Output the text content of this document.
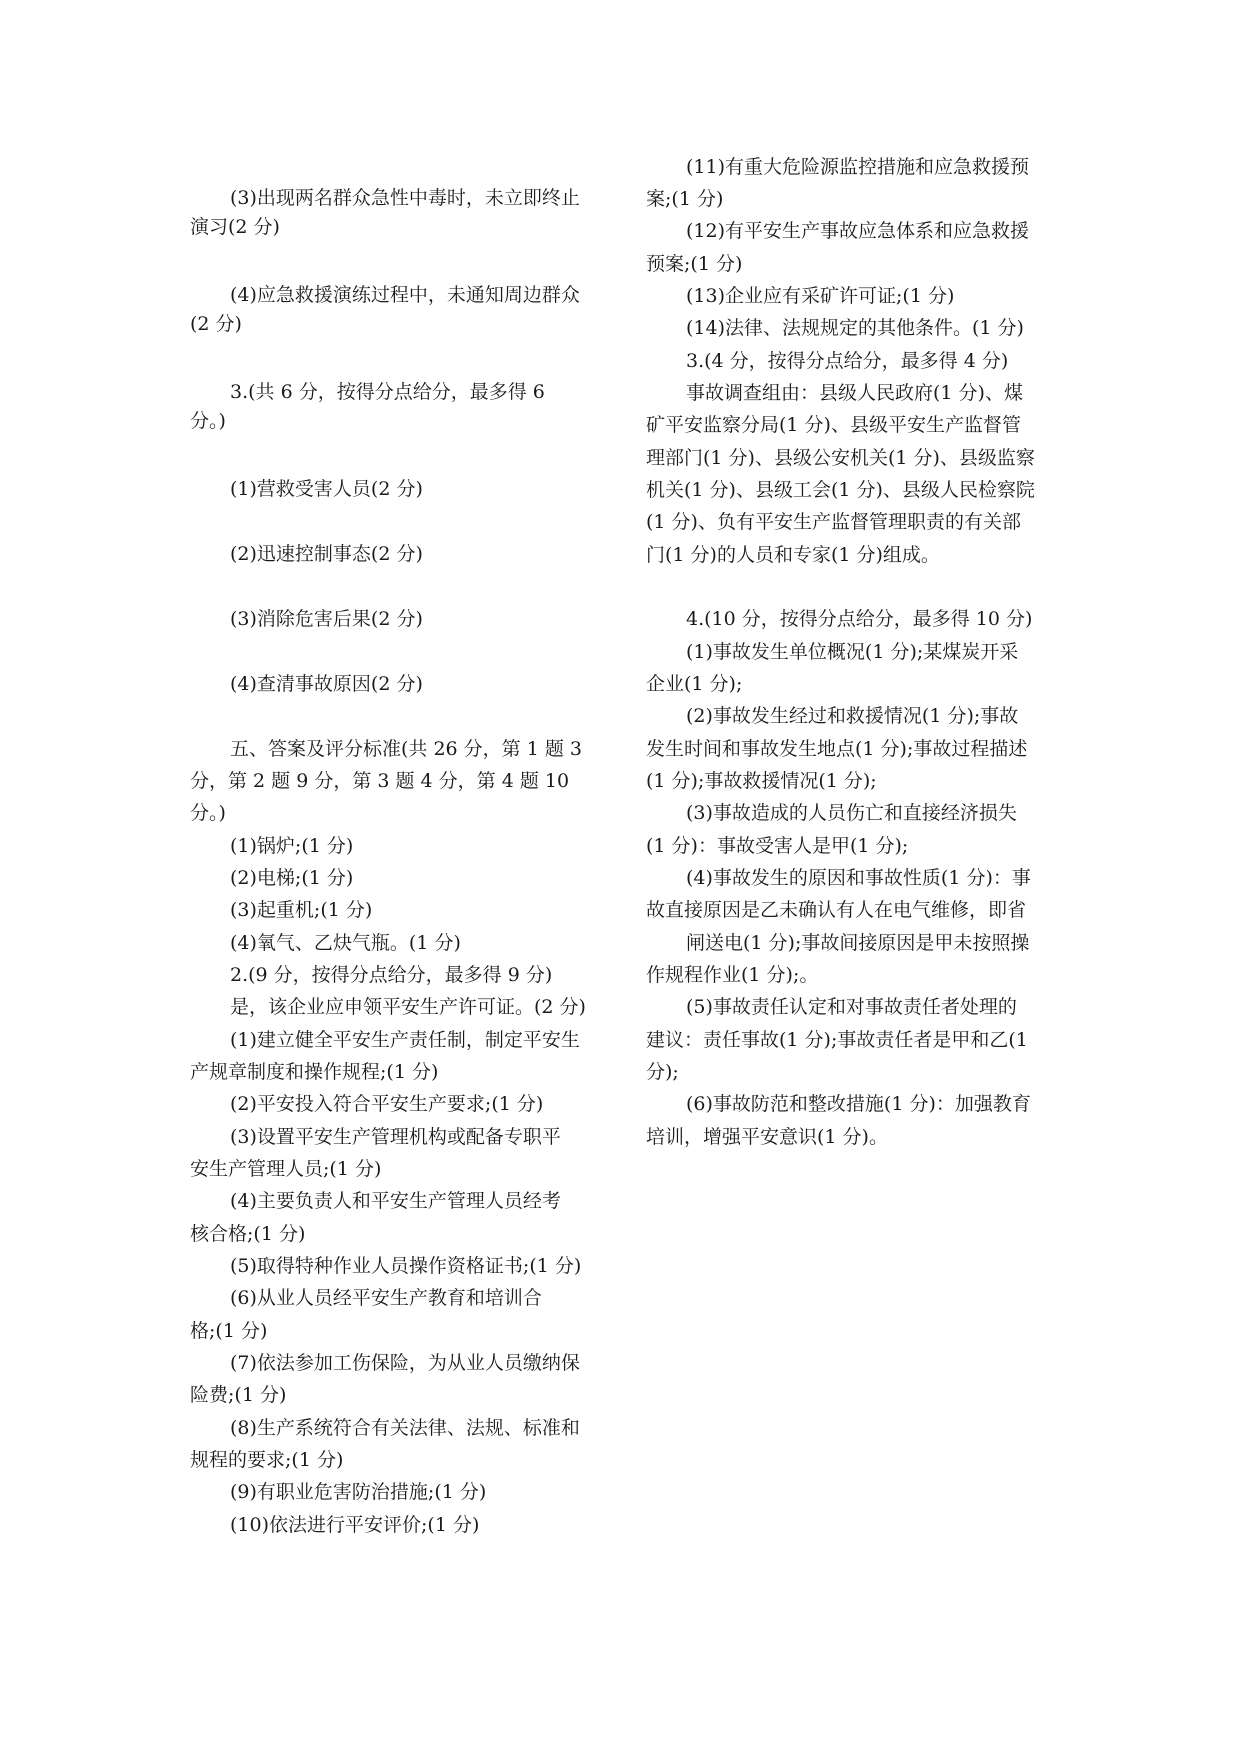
(3)出现两名群众急性中毒时，未立即终止
演习(2 分)
(4)应急救援演练过程中，未通知周边群众
(2 分)
3.(共 6 分，按得分点给分，最多得 6
分。)
(1)营救受害人员(2 分)
(2)迅速控制事态(2 分)
(3)消除危害后果(2 分)
(4)查清事故原因(2 分)
五、答案及评分标准(共 26 分，第 1 题 3
分，第 2 题 9 分，第 3 题 4 分，第 4 题 10
分。)
(1)锅炉;(1 分)
(2)电梯;(1 分)
(3)起重机;(1 分)
(4)氧气、乙炔气瓶。(1 分)
2.(9 分，按得分点给分，最多得 9 分)
是，该企业应申领平安生产许可证。(2 分)
(1)建立健全平安生产责任制，制定平安生
产规章制度和操作规程;(1 分)
(2)平安投入符合平安生产要求;(1 分)
(3)设置平安生产管理机构或配备专职平
安生产管理人员;(1 分)
(4)主要负责人和平安生产管理人员经考
核合格;(1 分)
(5)取得特种作业人员操作资格证书;(1 分)
(6)从业人员经平安生产教育和培训合
格;(1 分)
(7)依法参加工伤保险，为从业人员缴纳保
险费;(1 分)
(8)生产系统符合有关法律、法规、标准和
规程的要求;(1 分)
(9)有职业危害防治措施;(1 分)
(10)依法进行平安评价;(1 分)
(11)有重大危险源监控措施和应急救援预
案;(1 分)
(12)有平安生产事故应急体系和应急救援
预案;(1 分)
(13)企业应有采矿许可证;(1 分)
(14)法律、法规规定的其他条件。(1 分)
3.(4 分，按得分点给分，最多得 4 分)
事故调查组由：县级人民政府(1 分)、煤
矿平安监察分局(1 分)、县级平安生产监督管
理部门(1 分)、县级公安机关(1 分)、县级监察
机关(1 分)、县级工会(1 分)、县级人民检察院
(1 分)、负有平安生产监督管理职责的有关部
门(1 分)的人员和专家(1 分)组成。
4.(10 分，按得分点给分，最多得 10 分)
(1)事故发生单位概况(1 分);某煤炭开采
企业(1 分);
(2)事故发生经过和救援情况(1 分);事故
发生时间和事故发生地点(1 分);事故过程描述
(1 分);事故救援情况(1 分);
(3)事故造成的人员伤亡和直接经济损失
(1 分)：事故受害人是甲(1 分);
(4)事故发生的原因和事故性质(1 分)：事
故直接原因是乙未确认有人在电气维修，即省
闸送电(1 分);事故间接原因是甲未按照操
作规程作业(1 分);。
(5)事故责任认定和对事故责任者处理的
建议：责任事故(1 分);事故责任者是甲和乙(1
分);
(6)事故防范和整改措施(1 分)：加强教育
培训，增强平安意识(1 分)。
